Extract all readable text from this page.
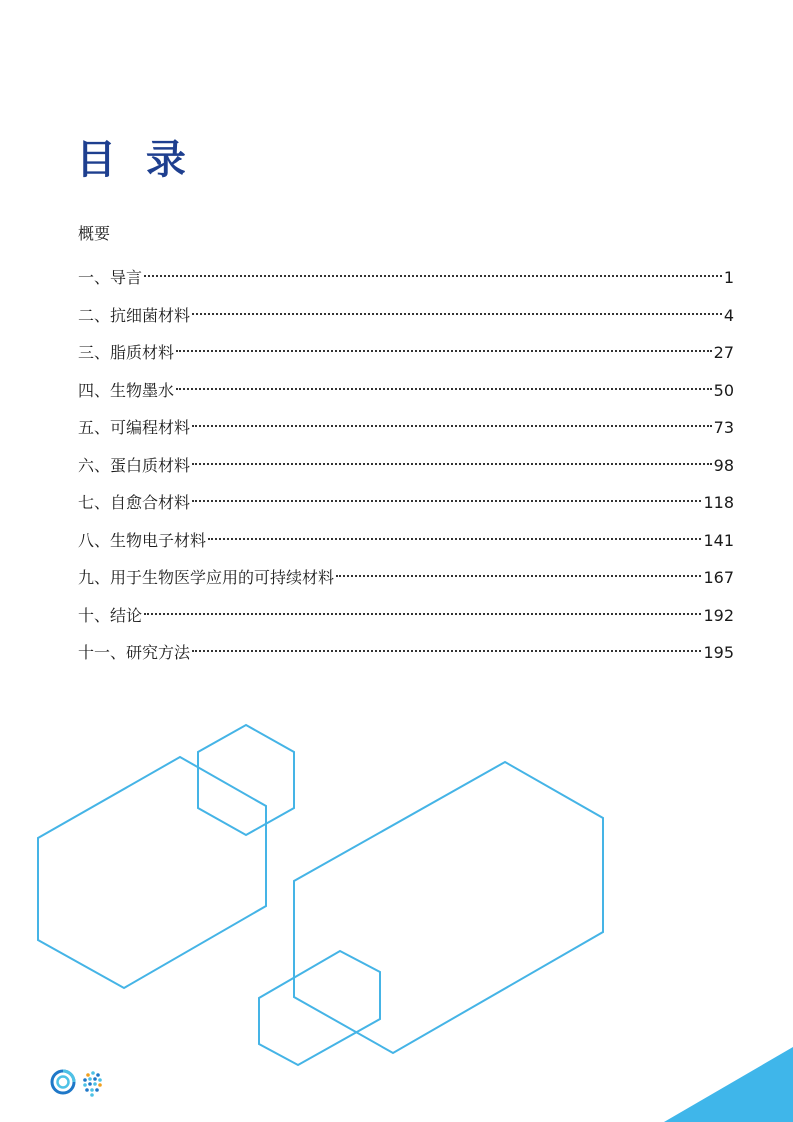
目 录
概要
一、导言	1
二、抗细菌材料	4
三、脂质材料	27
四、生物墨水	50
五、可编程材料	73
六、蛋白质材料	98
七、自愈合材料	118
八、生物电子材料	141
九、用于生物医学应用的可持续材料	167
十、结论	192
十一、研究方法	195
